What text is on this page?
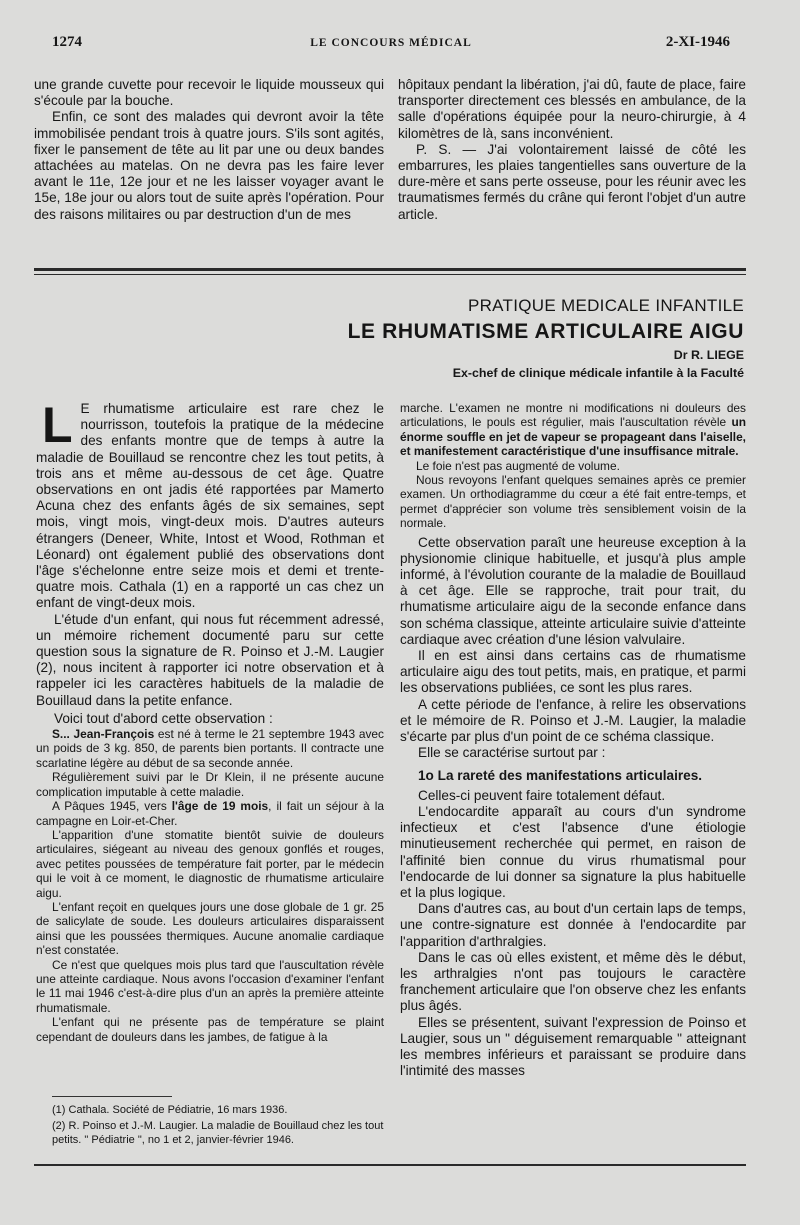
1274	LE CONCOURS MÉDICAL	2-XI-1946

une grande cuvette pour recevoir le liquide mousseux qui s'écoule par la bouche.

Enfin, ce sont des malades qui devront avoir la tête immobilisée pendant trois à quatre jours. S'ils sont agités, fixer le pansement de tête au lit par une ou deux bandes attachées au matelas. On ne devra pas les faire lever avant le 11e, 12e jour et ne les laisser voyager avant le 15e, 18e jour ou alors tout de suite après l'opération. Pour des raisons militaires ou par destruction d'un de mes

hôpitaux pendant la libération, j'ai dû, faute de place, faire transporter directement ces blessés en ambulance, de la salle d'opérations équipée pour la neuro-chirurgie, à 4 kilomètres de là, sans inconvénient.

P. S. — J'ai volontairement laissé de côté les embarrures, les plaies tangentielles sans ouverture de la dure-mère et sans perte osseuse, pour les réunir avec les traumatismes fermés du crâne qui feront l'objet d'un autre article.

PRATIQUE MEDICALE INFANTILE
LE RHUMATISME ARTICULAIRE AIGU
Dr R. LIEGE
Ex-chef de clinique médicale infantile à la Faculté

L E rhumatisme articulaire est rare chez le nourrisson, toutefois la pratique de la médecine des enfants montre que de temps à autre la maladie de Bouillaud se rencontre chez les tout petits, à trois ans et même au-dessous de cet âge. Quatre observations en ont jadis été rapportées par Mamerto Acuna chez des enfants âgés de six semaines, sept mois, vingt mois, vingt-deux mois. D'autres auteurs étrangers (Deneer, White, Intost et Wood, Rothman et Léonard) ont également publié des observations dont l'âge s'échelonne entre seize mois et demi et trente-quatre mois. Cathala (1) en a rapporté un cas chez un enfant de vingt-deux mois.

L'étude d'un enfant, qui nous fut récemment adressé, un mémoire richement documenté paru sur cette question sous la signature de R. Poinso et J.-M. Laugier (2), nous incitent à rapporter ici notre observation et à rappeler ici les caractères habituels de la maladie de Bouillaud dans la petite enfance.

Voici tout d'abord cette observation :

S... Jean-François est né à terme le 21 septembre 1943 avec un poids de 3 kg. 850, de parents bien portants. Il contracte une scarlatine légère au début de sa seconde année.

Régulièrement suivi par le Dr Klein, il ne présente aucune complication imputable à cette maladie.

A Pâques 1945, vers l'âge de 19 mois, il fait un séjour à la campagne en Loir-et-Cher.

L'apparition d'une stomatite bientôt suivie de douleurs articulaires, siégeant au niveau des genoux gonflés et rouges, avec petites poussées de température fait porter, par le médecin qui le voit à ce moment, le diagnostic de rhumatisme articulaire aigu.

L'enfant reçoit en quelques jours une dose globale de 1 gr. 25 de salicylate de soude. Les douleurs articulaires disparaissent ainsi que les poussées thermiques. Aucune anomalie cardiaque n'est constatée.

Ce n'est que quelques mois plus tard que l'auscultation révèle une atteinte cardiaque. Nous avons l'occasion d'examiner l'enfant le 11 mai 1946 c'est-à-dire plus d'un an après la première atteinte rhumatismale.

L'enfant qui ne présente pas de température se plaint cependant de douleurs dans les jambes, de fatigue à la

(1) Cathala. Société de Pédiatrie, 16 mars 1936.
(2) R. Poinso et J.-M. Laugier. La maladie de Bouillaud chez les tout petits. " Pédiatrie ", no 1 et 2, janvier-février 1946.

marche. L'examen ne montre ni modifications ni douleurs des articulations, le pouls est régulier, mais l'auscultation révèle un énorme souffle en jet de vapeur se propageant dans l'aiselle, et manifestement caractéristique d'une insuffisance mitrale.

Le foie n'est pas augmenté de volume.

Nous revoyons l'enfant quelques semaines après ce premier examen. Un orthodiagramme du cœur a été fait entre-temps, et permet d'apprécier son volume très sensiblement voisin de la normale.

Cette observation paraît une heureuse exception à la physionomie clinique habituelle, et jusqu'à plus ample informé, à l'évolution courante de la maladie de Bouillaud à cet âge. Elle se rapproche, trait pour trait, du rhumatisme articulaire aigu de la seconde enfance dans son schéma classique, atteinte articulaire suivie d'atteinte cardiaque avec création d'une lésion valvulaire.

Il en est ainsi dans certains cas de rhumatisme articulaire aigu des tout petits, mais, en pratique, et parmi les observations publiées, ce sont les plus rares.

A cette période de l'enfance, à relire les observations et le mémoire de R. Poinso et J.-M. Laugier, la maladie s'écarte par plus d'un point de ce schéma classique.

Elle se caractérise surtout par :

1o La rareté des manifestations articulaires.

Celles-ci peuvent faire totalement défaut.

L'endocardite apparaît au cours d'un syndrome infectieux et c'est l'absence d'une étiologie minutieusement recherchée qui permet, en raison de l'affinité bien connue du virus rhumatismal pour l'endocarde de lui donner sa signature la plus habituelle et la plus logique.

Dans d'autres cas, au bout d'un certain laps de temps, une contre-signature est donnée à l'endocardite par l'apparition d'arthralgies.

Dans le cas où elles existent, et même dès le début, les arthralgies n'ont pas toujours le caractère franchement articulaire que l'on observe chez les enfants plus âgés.

Elles se présentent, suivant l'expression de Poinso et Laugier, sous un " déguisement remarquable " atteignant les membres inférieurs et paraissant se produire dans l'intimité des masses
